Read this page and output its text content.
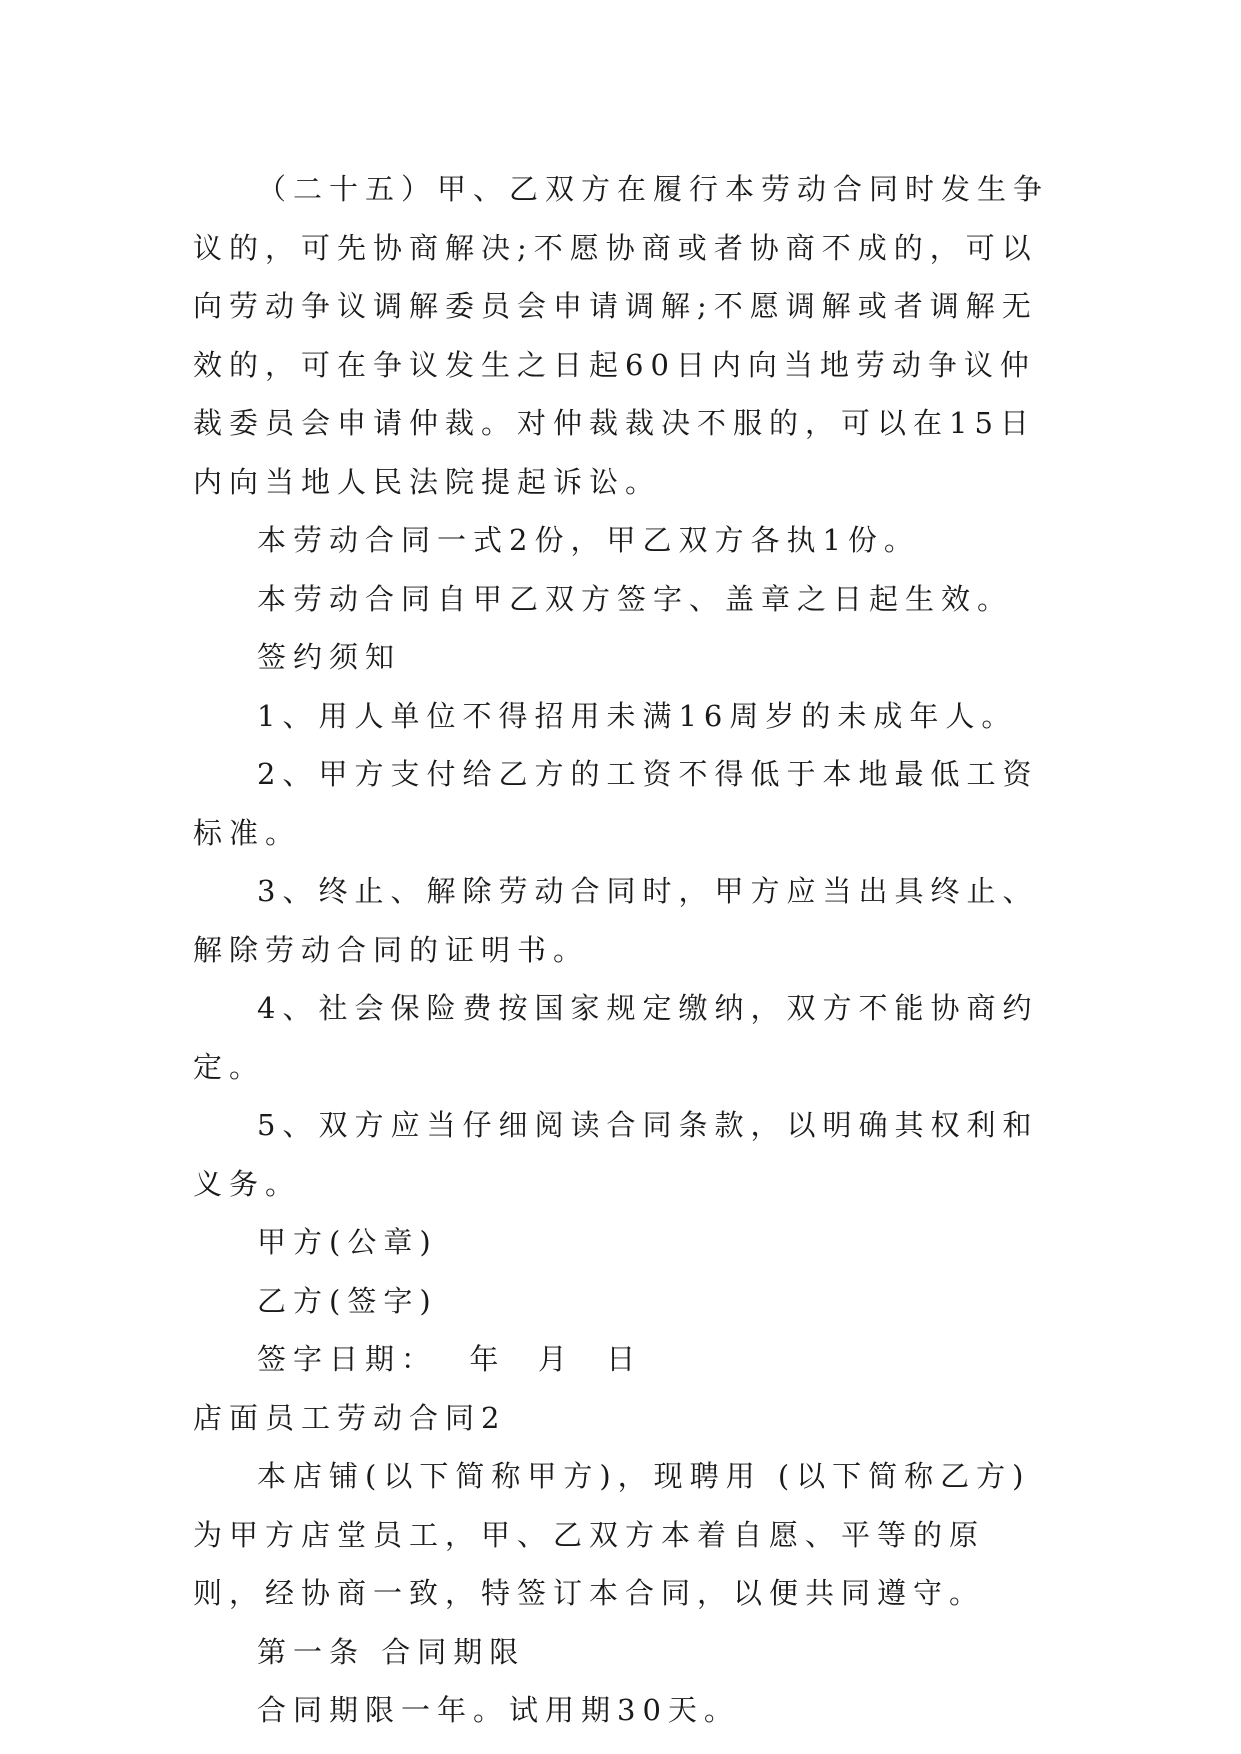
（二十五）甲、乙双方在履行本劳动合同时发生争议的，可先协商解决;不愿协商或者协商不成的，可以向劳动争议调解委员会申请调解;不愿调解或者调解无效的，可在争议发生之日起60日内向当地劳动争议仲裁委员会申请仲裁。对仲裁裁决不服的，可以在15日内向当地人民法院提起诉讼。

本劳动合同一式2份，甲乙双方各执1份。

本劳动合同自甲乙双方签字、盖章之日起生效。

签约须知

1、用人单位不得招用未满16周岁的未成年人。

2、甲方支付给乙方的工资不得低于本地最低工资标准。

3、终止、解除劳动合同时，甲方应当出具终止、解除劳动合同的证明书。

4、社会保险费按国家规定缴纳，双方不能协商约定。

5、双方应当仔细阅读合同条款，以明确其权利和义务。

甲方(公章)

乙方(签字)

签字日期：  年  月  日

店面员工劳动合同2

本店铺(以下简称甲方)，现聘用 (以下简称乙方)为甲方店堂员工，甲、乙双方本着自愿、平等的原则，经协商一致，特签订本合同，以便共同遵守。

第一条 合同期限

合同期限一年。试用期30天。
